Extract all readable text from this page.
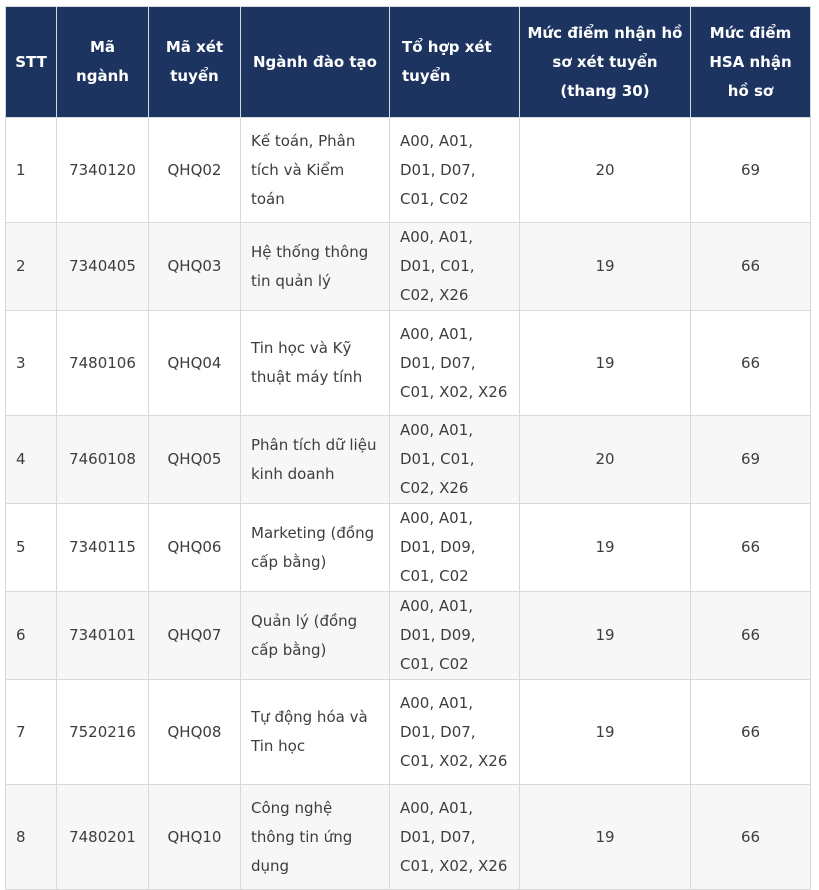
STT	Mã ngành	Mã xét tuyển	Ngành đào tạo	Tổ hợp xét tuyển	Mức điểm nhận hồ sơ xét tuyển (thang 30)	Mức điểm HSA nhận hồ sơ
1	7340120	QHQ02	Kế toán, Phân tích và Kiểm toán	A00, A01, D01, D07, C01, C02	20	69
2	7340405	QHQ03	Hệ thống thông tin quản lý	A00, A01, D01, C01, C02, X26	19	66
3	7480106	QHQ04	Tin học và Kỹ thuật máy tính	A00, A01, D01, D07, C01, X02, X26	19	66
4	7460108	QHQ05	Phân tích dữ liệu kinh doanh	A00, A01, D01, C01, C02, X26	20	69
5	7340115	QHQ06	Marketing (đồng cấp bằng)	A00, A01, D01, D09, C01, C02	19	66
6	7340101	QHQ07	Quản lý (đồng cấp bằng)	A00, A01, D01, D09, C01, C02	19	66
7	7520216	QHQ08	Tự động hóa và Tin học	A00, A01, D01, D07, C01, X02, X26	19	66
8	7480201	QHQ10	Công nghệ thông tin ứng dụng	A00, A01, D01, D07, C01, X02, X26	19	66
